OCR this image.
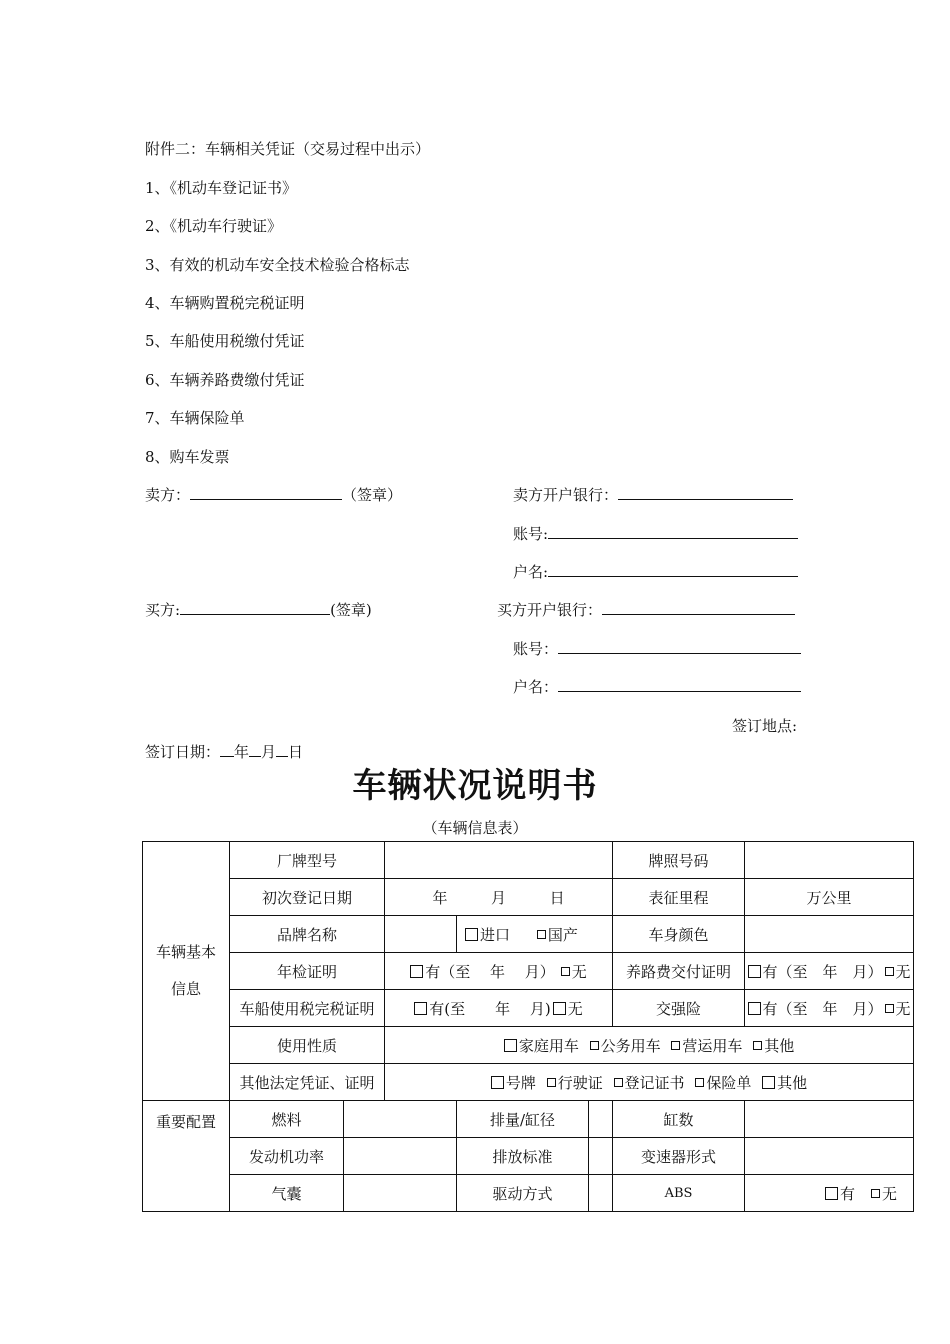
附件二：车辆相关凭证（交易过程中出示）
1、《机动车登记证书》
2、《机动车行驶证》
3、有效的机动车安全技术检验合格标志
4、车辆购置税完税证明
5、车船使用税缴付凭证
6、车辆养路费缴付凭证
7、车辆保险单
8、购车发票
卖方：	（签章）	卖方开户银行：
账号:
户名:
买方:	(签章)	买方开户银行：
账号：
户名：
签订地点:
签订日期： 年 月 日
车辆状况说明书
（车辆信息表）
车辆基本信息	厂牌型号					牌照号码	
	初次登记日期		年 月 日			表征里程	万公里
	品牌名称			进口 国产		车身颜色	
	年检证明		有（至　 年　 月） 无			养路费交付证明	有（至　年　月） 无
	车船使用税完税证明		有(至　　年　 月) 无			交强险	有（至　年　月） 无
	使用性质		家庭用车 公务用车 营运用车 其他				
	其他法定凭证、证明		号牌 行驶证 登记证书 保险单 其他				
重要配置	燃料			排量/缸径		缸数	
	发动机功率			排放标准		变速器形式	
	气囊			驱动方式		ABS	有 无
